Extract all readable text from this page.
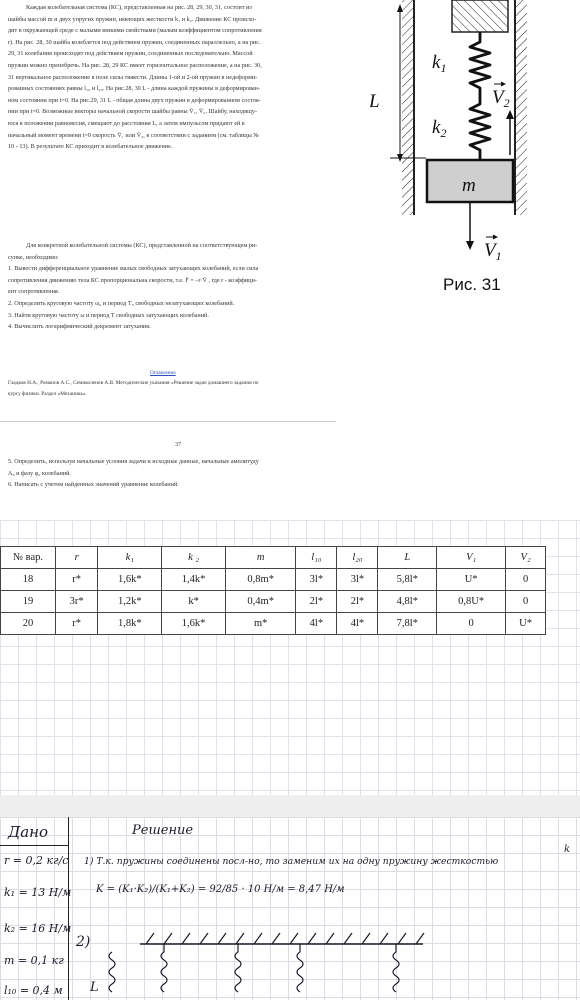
Каждая колебательная система (КС), представленная на рис. 28, 29, 30, 31, состоит из
шайбы массой m и двух упругих пружин, имеющих жесткости k₁ и k₂. Движение КС происхо-
дит в окружающей среде с малыми вязкими свойствами (малым коэффициентом сопротивления
r). На рис. 28, 30 шайба колеблется под действием пружин, соединенных параллельно, а на рис.
29, 31 колебания происходят под действием пружин, соединенных последовательно. Массой
пружин можно пренебречь. На рис. 28, 29 КС имеет горизонтальное расположение, а на рис. 30,
31 вертикальное расположение в поле силы тяжести. Длины 1-ой и 2-ой пружин в недеформи-
рованных состояниях равны l₁₀ и l₂₀. На рис.28, 30 L - длина каждой пружины в деформирован-
ном состоянии при t=0. На рис.29, 31 L - общая длина двух пружин в деформированном состоя-
нии при t=0. Возможные векторы начальной скорости шайбы равны V̄₁, V̄₂. Шайбу, находящу-
юся в положении равновесия, смещают до расстояния L, а затем импульсом придают ей в
начальный момент времени t=0 скорость V̄₁ или V̄₂, в соответствии с заданием (см. таблицы №
10 - 13). В результате КС приходит в колебательное движение.
Для конкретной колебательной системы (КС), представленной на соответствующем ри-
сунке, необходимо:
1. Вывести дифференциальное уравнение малых свободных затухающих колебаний, если сила
сопротивления движению тела КС пропорциональна скорости, т.е. F̄ = –r·V̄ , где r - коэффици-
ент сопротивления.
2. Определить круговую частоту ω₀ и период T₀ свободных незатухающих колебаний.
3. Найти круговую частоту ω и период T свободных затухающих колебаний.
4. Вычислить логарифмический декремент затухания.
Оглавление
Гладков Н.А., Романов А.С., Семиколенов А.В. Методические указания «Решение задач домашнего задания по
курсу физики. Раздел «Механика».
37
5. Определить, используя начальные условия задачи и исходные данные, начальные амплитуду
A₀ и фазу φ₀ колебаний.
6. Написать с учетом найденных значений уравнение колебаний.
$k_1$
$k_2$
L	$V_2$
$V_1$
m
Рис. 31
№ вар.	r	k₁	k ₂	m	l₁₀	l₂₀	L	V₁	V₂
18	r*	1,6k*	1,4k*	0,8m*	3l*	3l*	5,8l*	U*	0
19	3r*	1,2k*	k*	0,4m*	2l*	2l*	4,8l*	0,8U*	0
20	r*	1,8k*	1,6k*	m*	4l*	4l*	7,8l*	0	U*
Дано	Решение
r = 0,2 кг/с
k₁ = 13 Н/м
k₂ = 16 Н/м
m = 0,1 кг
l₁₀ = 0,4 м
1) Т.к. пружины соединены посл-но, то заменим их на одну пружину жесткостью
k
K = (K₁·K₂)/(K₁+K₂) = 92/85 · 10 Н/м = 8,47 Н/м
2)
L
